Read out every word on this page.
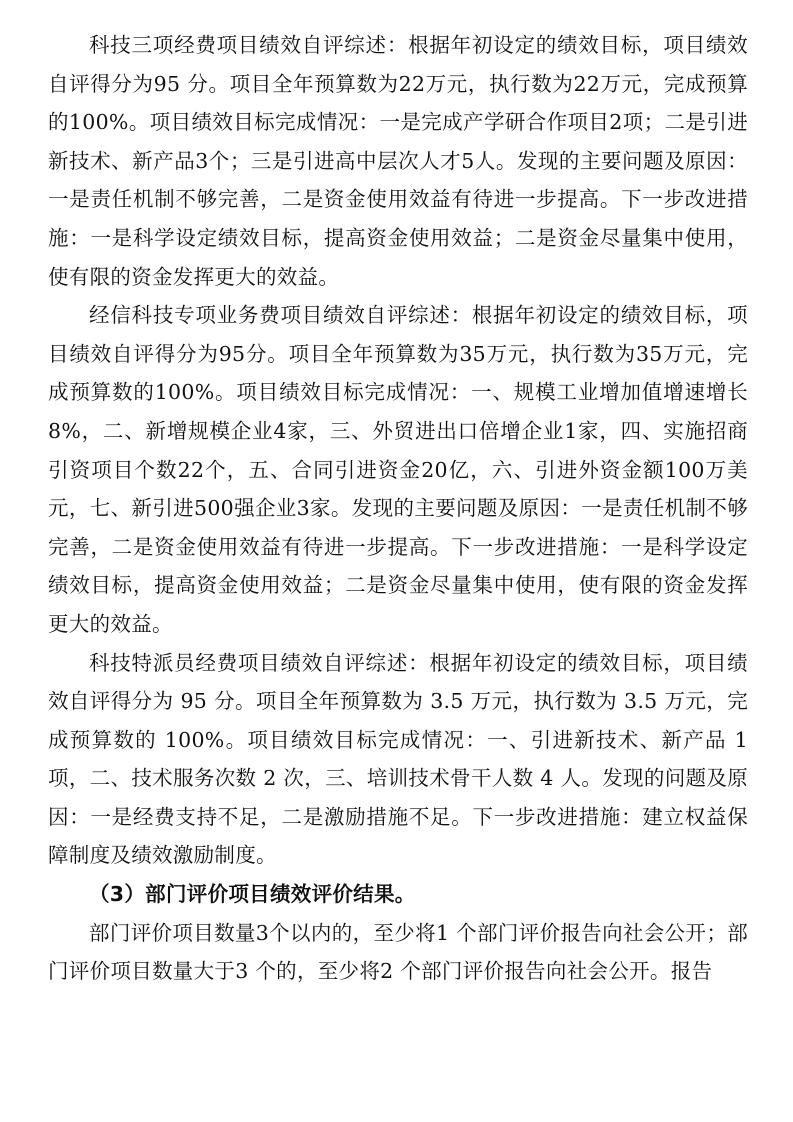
科技三项经费项目绩效自评综述：根据年初设定的绩效目标，项目绩效自评得分为95 分。项目全年预算数为22万元，执行数为22万元，完成预算的100%。项目绩效目标完成情况：一是完成产学研合作项目2项；二是引进新技术、新产品3个；三是引进高中层次人才5人。发现的主要问题及原因：一是责任机制不够完善，二是资金使用效益有待进一步提高。下一步改进措施：一是科学设定绩效目标，提高资金使用效益；二是资金尽量集中使用，使有限的资金发挥更大的效益。

经信科技专项业务费项目绩效自评综述：根据年初设定的绩效目标，项目绩效自评得分为95分。项目全年预算数为35万元，执行数为35万元，完成预算数的100%。项目绩效目标完成情况：一、规模工业增加值增速增长8%，二、新增规模企业4家，三、外贸进出口倍增企业1家，四、实施招商引资项目个数22个，五、合同引进资金20亿，六、引进外资金额100万美元，七、新引进500强企业3家。发现的主要问题及原因：一是责任机制不够完善，二是资金使用效益有待进一步提高。下一步改进措施：一是科学设定绩效目标，提高资金使用效益；二是资金尽量集中使用，使有限的资金发挥更大的效益。

科技特派员经费项目绩效自评综述：根据年初设定的绩效目标，项目绩效自评得分为 95 分。项目全年预算数为 3.5 万元，执行数为 3.5 万元，完成预算数的 100%。项目绩效目标完成情况：一、引进新技术、新产品 1 项，二、技术服务次数 2 次，三、培训技术骨干人数 4 人。发现的问题及原因：一是经费支持不足，二是激励措施不足。下一步改进措施：建立权益保障制度及绩效激励制度。

（3）部门评价项目绩效评价结果。

部门评价项目数量3个以内的，至少将1 个部门评价报告向社会公开；部门评价项目数量大于3 个的，至少将2 个部门评价报告向社会公开。报告
